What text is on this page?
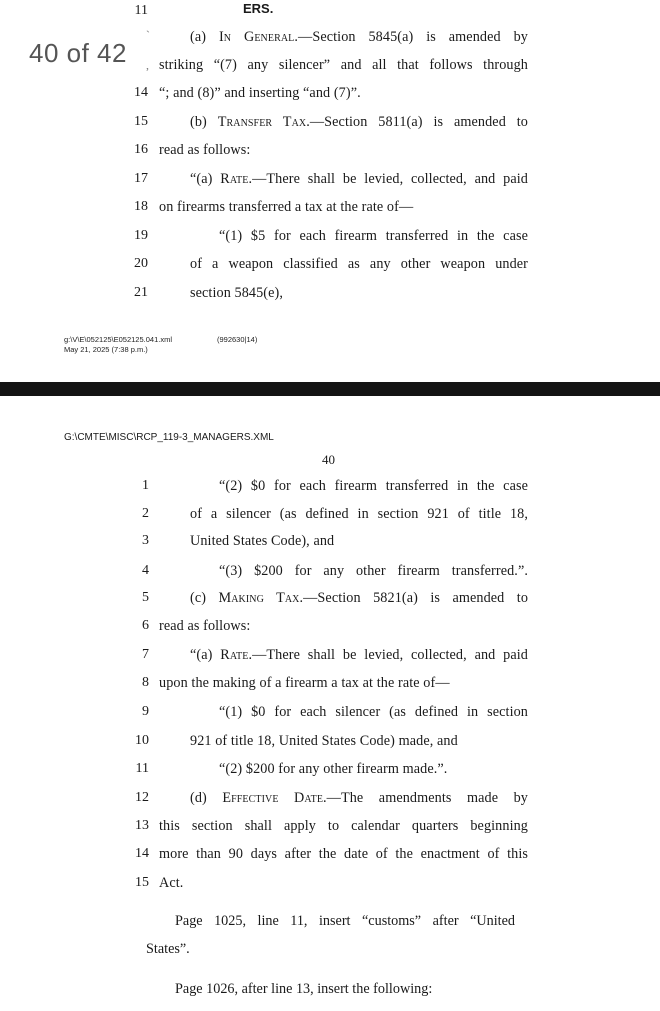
ERS.
11
`	(a) In General.—Section 5845(a) is amended by
, striking “(7) any silencer” and all that follows through
40 of 42
14 “; and (8)” and inserting “and (7)”.
15	(b) Transfer Tax.—Section 5811(a) is amended to
16 read as follows:
17	“(a) Rate.—There shall be levied, collected, and paid
18 on firearms transferred a tax at the rate of—
19	“(1) $5 for each firearm transferred in the case
20	of a weapon classified as any other weapon under
21	section 5845(e),
g:\V\E\052125\E052125.041.xml	(992630|14)
May 21, 2025 (7:38 p.m.)
G:\CMTE\MISC\RCP_119-3_MANAGERS.XML
40
1	“(2) $0 for each firearm transferred in the case
2	of a silencer (as defined in section 921 of title 18,
3	United States Code), and
4	“(3) $200 for any other firearm transferred.”.
5	(c) Making Tax.—Section 5821(a) is amended to
6 read as follows:
7	“(a) Rate.—There shall be levied, collected, and paid
8 upon the making of a firearm a tax at the rate of—
9	“(1) $0 for each silencer (as defined in section
10	921 of title 18, United States Code) made, and
11	“(2) $200 for any other firearm made.”.
12	(d) Effective Date.—The amendments made by
13 this section shall apply to calendar quarters beginning
14 more than 90 days after the date of the enactment of this
15 Act.
Page 1025, line 11, insert “customs” after “United
States”.
Page 1026, after line 13, insert the following:
